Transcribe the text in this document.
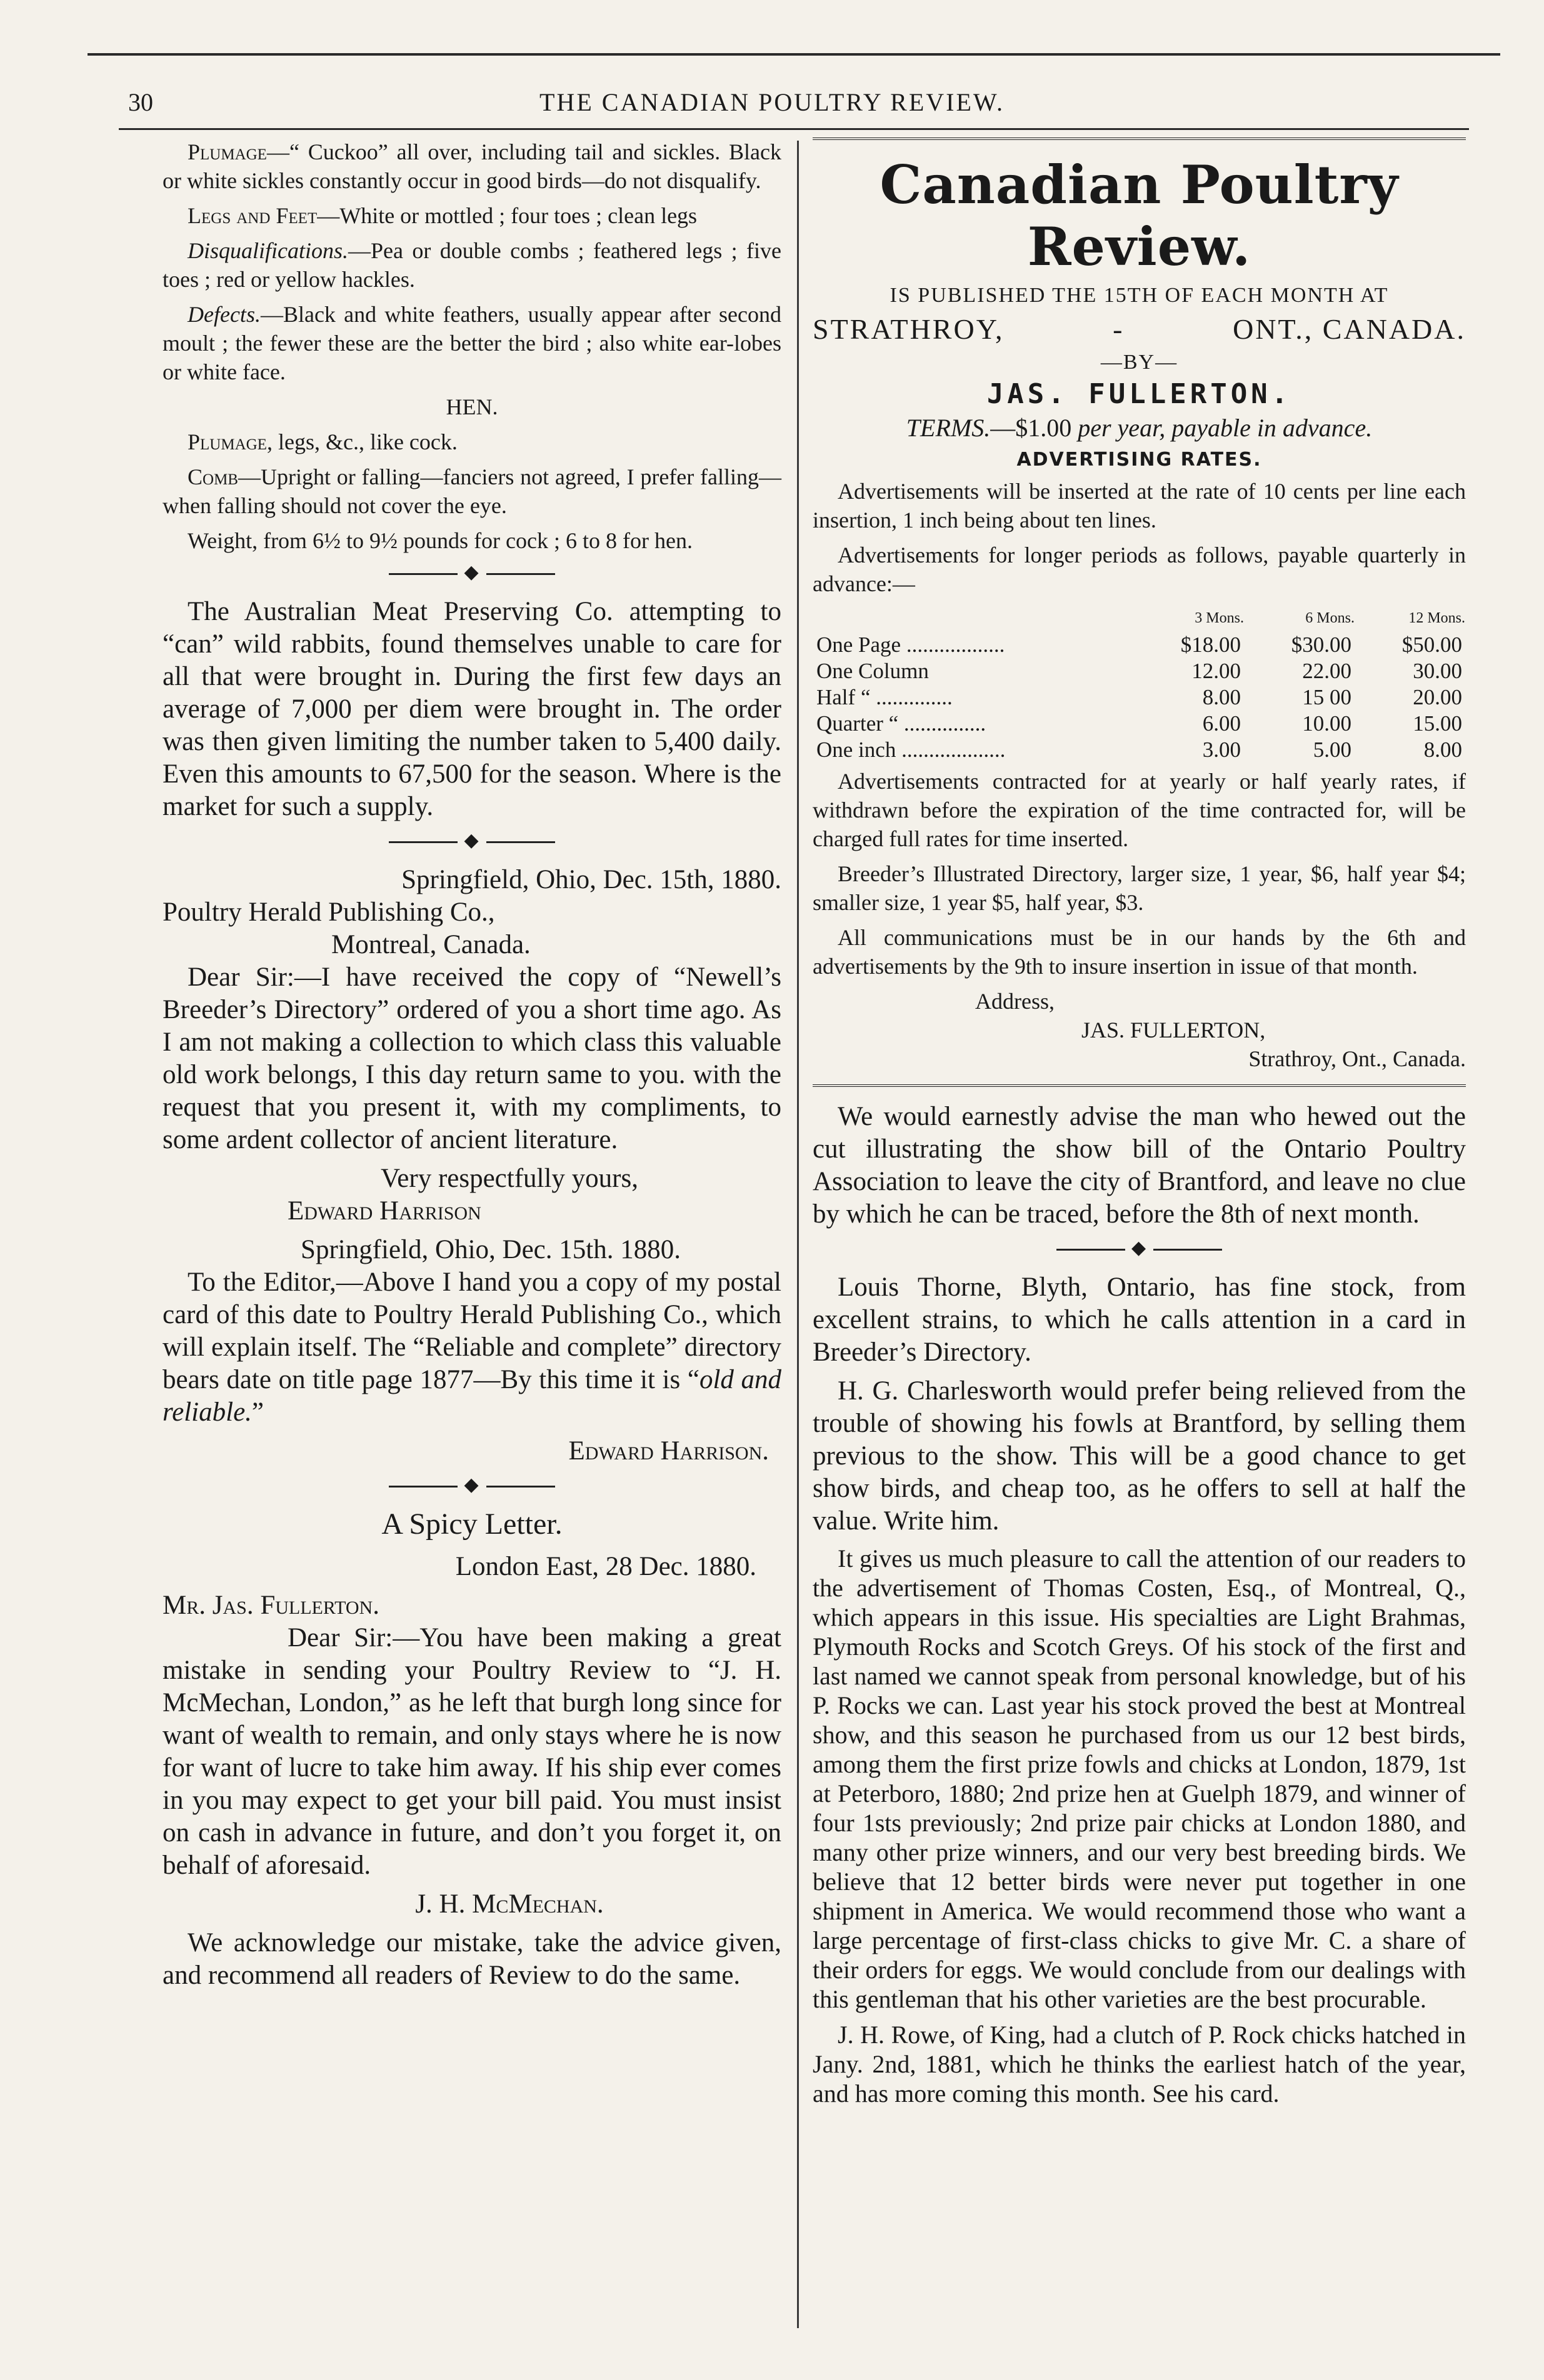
30	THE CANADIAN POULTRY REVIEW.

Plumage—“ Cuckoo” all over, including tail and sickles. Black or white sickles constantly occur in good birds—do not disqualify.

Legs and Feet—White or mottled ; four toes ; clean legs

Disqualifications.—Pea or double combs ; feathered legs ; five toes ; red or yellow hackles.

Defects.—Black and white feathers, usually appear after second moult ; the fewer these are the better the bird ; also white ear-lobes or white face.

HEN.

Plumage, legs, &c., like cock.

Comb—Upright or falling—fanciers not agreed, I prefer falling—when falling should not cover the eye.

Weight, from 6½ to 9½ pounds for cock ; 6 to 8 for hen.

◆

The Australian Meat Preserving Co. attempting to “can” wild rabbits, found themselves unable to care for all that were brought in. During the first few days an average of 7,000 per diem were brought in. The order was then given limiting the number taken to 5,400 daily. Even this amounts to 67,500 for the season. Where is the market for such a supply.

◆

Springfield, Ohio, Dec. 15th, 1880.

Poultry Herald Publishing Co.,

Montreal, Canada.

Dear Sir:—I have received the copy of “Newell’s Breeder’s Directory” ordered of you a short time ago. As I am not making a collection to which class this valuable old work belongs, I this day return same to you. with the request that you present it, with my compliments, to some ardent collector of ancient literature.

Very respectfully yours,

Edward Harrison

Springfield, Ohio, Dec. 15th. 1880.

To the Editor,—Above I hand you a copy of my postal card of this date to Poultry Herald Publishing Co., which will explain itself. The “Reliable and complete” directory bears date on title page 1877—By this time it is “old and reliable.”

Edward Harrison.

◆

A Spicy Letter.

London East, 28 Dec. 1880.

Mr. Jas. Fullerton.

Dear Sir:—You have been making a great mistake in sending your Poultry Review to “J. H. McMechan, London,” as he left that burgh long since for want of wealth to remain, and only stays where he is now for want of lucre to take him away. If his ship ever comes in you may expect to get your bill paid. You must insist on cash in advance in future, and don’t you forget it, on behalf of aforesaid.

J. H. McMechan.

We acknowledge our mistake, take the advice given, and recommend all readers of Review to do the same.

Canadian Poultry Review.

IS PUBLISHED THE 15TH OF EACH MONTH AT

STRATHROY,	-	ONT., CANADA.

—BY—

JAS. FULLERTON.

TERMS.—$1.00 per year, payable in advance.

ADVERTISING RATES.

Advertisements will be inserted at the rate of 10 cents per line each insertion, 1 inch being about ten lines.

Advertisements for longer periods as follows, payable quarterly in advance:—

	3 Mons.	6 Mons.	12 Mons.
One Page ..................	$18.00	$30.00	$50.00
One Column	12.00	22.00	30.00
Half “ ..............	8.00	15 00	20.00
Quarter “ ...............	6.00	10.00	15.00
One inch ...................	3.00	5.00	8.00

Advertisements contracted for at yearly or half yearly rates, if withdrawn before the expiration of the time contracted for, will be charged full rates for time inserted.

Breeder’s Illustrated Directory, larger size, 1 year, $6, half year $4; smaller size, 1 year $5, half year, $3.

All communications must be in our hands by the 6th and advertisements by the 9th to insure insertion in issue of that month.

Address,

JAS. FULLERTON,

Strathroy, Ont., Canada.

We would earnestly advise the man who hewed out the cut illustrating the show bill of the Ontario Poultry Association to leave the city of Brantford, and leave no clue by which he can be traced, before the 8th of next month.

◆

Louis Thorne, Blyth, Ontario, has fine stock, from excellent strains, to which he calls attention in a card in Breeder’s Directory.

H. G. Charlesworth would prefer being relieved from the trouble of showing his fowls at Brantford, by selling them previous to the show. This will be a good chance to get show birds, and cheap too, as he offers to sell at half the value. Write him.

It gives us much pleasure to call the attention of our readers to the advertisement of Thomas Costen, Esq., of Montreal, Q., which appears in this issue. His specialties are Light Brahmas, Plymouth Rocks and Scotch Greys. Of his stock of the first and last named we cannot speak from personal knowledge, but of his P. Rocks we can. Last year his stock proved the best at Montreal show, and this season he purchased from us our 12 best birds, among them the first prize fowls and chicks at London, 1879, 1st at Peterboro, 1880; 2nd prize hen at Guelph 1879, and winner of four 1sts previously; 2nd prize pair chicks at London 1880, and many other prize winners, and our very best breeding birds. We believe that 12 better birds were never put together in one shipment in America. We would recommend those who want a large percentage of first-class chicks to give Mr. C. a share of their orders for eggs. We would conclude from our dealings with this gentleman that his other varieties are the best procurable.

J. H. Rowe, of King, had a clutch of P. Rock chicks hatched in Jany. 2nd, 1881, which he thinks the earliest hatch of the year, and has more coming this month. See his card.
